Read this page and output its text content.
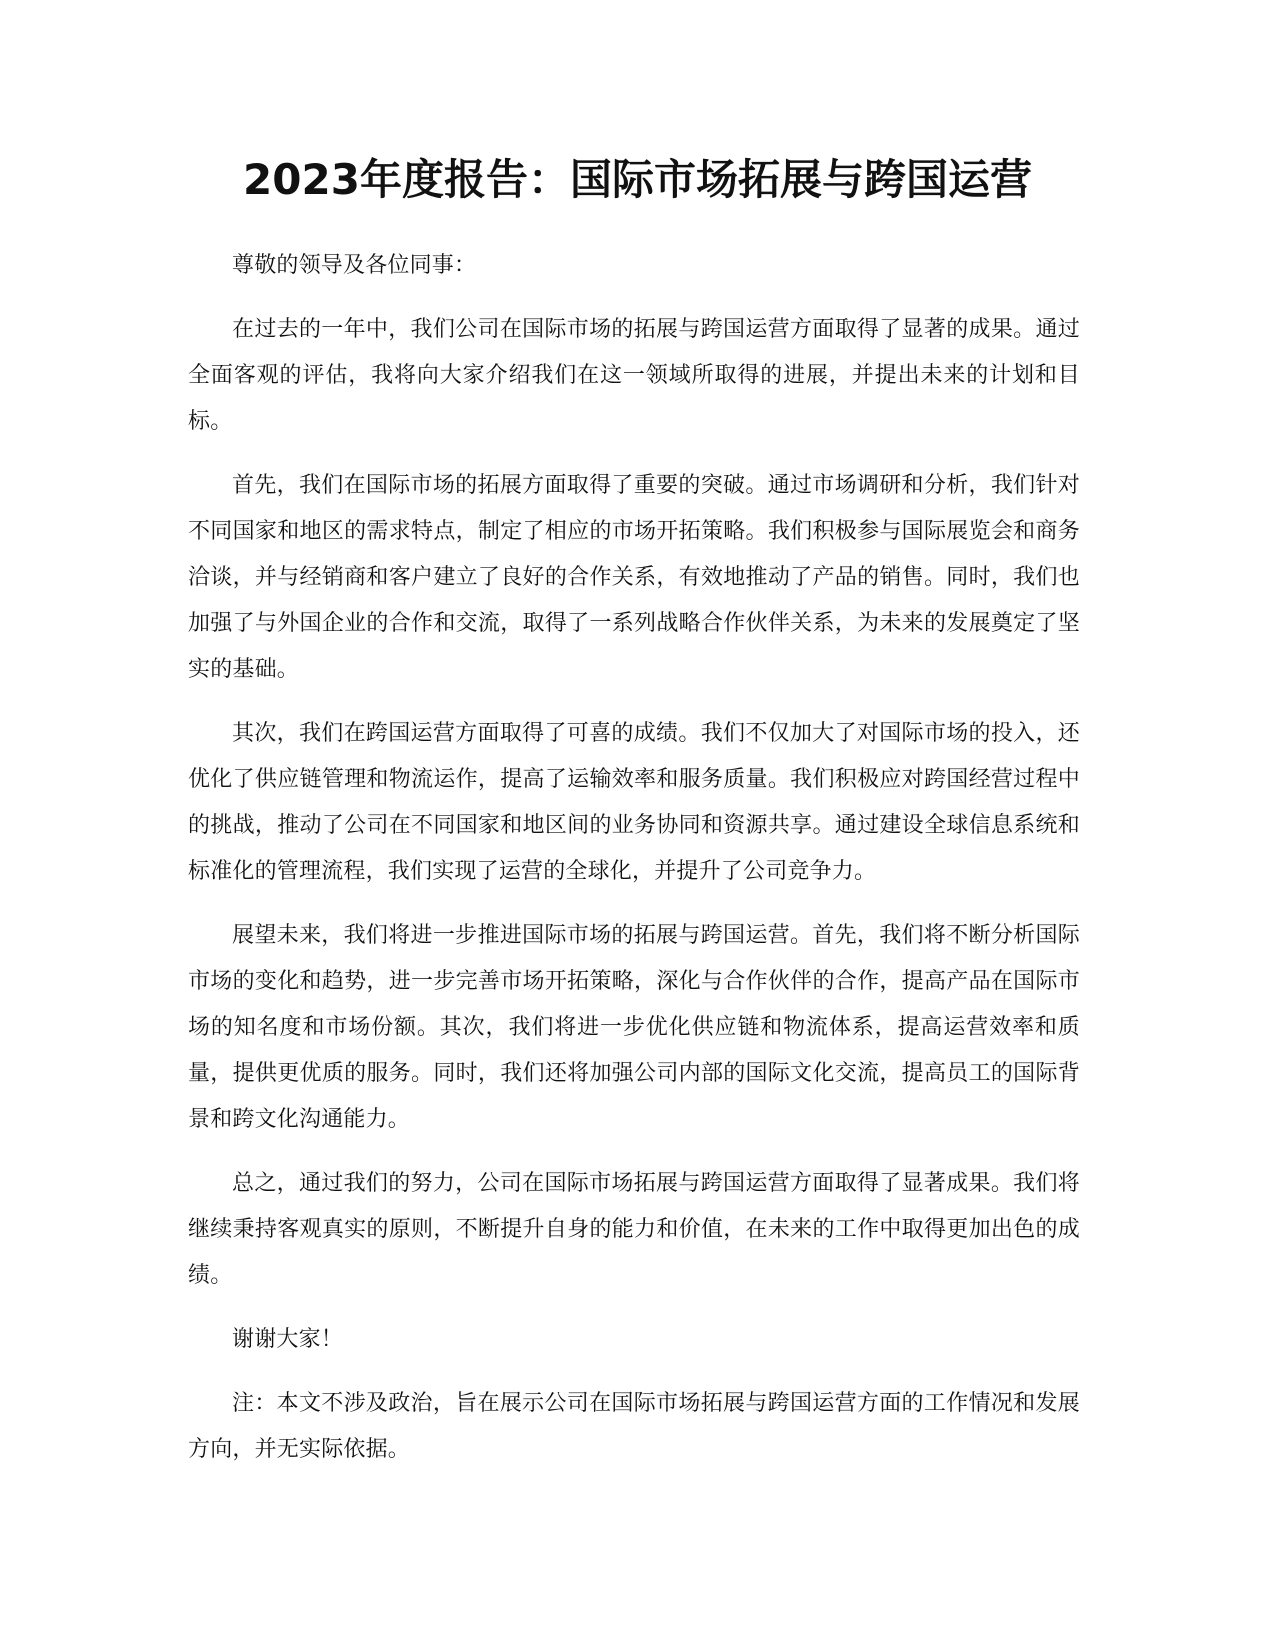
2023年度报告：国际市场拓展与跨国运营

尊敬的领导及各位同事：

在过去的一年中，我们公司在国际市场的拓展与跨国运营方面取得了显著的成果。通过全面客观的评估，我将向大家介绍我们在这一领域所取得的进展，并提出未来的计划和目标。

首先，我们在国际市场的拓展方面取得了重要的突破。通过市场调研和分析，我们针对不同国家和地区的需求特点，制定了相应的市场开拓策略。我们积极参与国际展览会和商务洽谈，并与经销商和客户建立了良好的合作关系，有效地推动了产品的销售。同时，我们也加强了与外国企业的合作和交流，取得了一系列战略合作伙伴关系，为未来的发展奠定了坚实的基础。

其次，我们在跨国运营方面取得了可喜的成绩。我们不仅加大了对国际市场的投入，还优化了供应链管理和物流运作，提高了运输效率和服务质量。我们积极应对跨国经营过程中的挑战，推动了公司在不同国家和地区间的业务协同和资源共享。通过建设全球信息系统和标准化的管理流程，我们实现了运营的全球化，并提升了公司竞争力。

展望未来，我们将进一步推进国际市场的拓展与跨国运营。首先，我们将不断分析国际市场的变化和趋势，进一步完善市场开拓策略，深化与合作伙伴的合作，提高产品在国际市场的知名度和市场份额。其次，我们将进一步优化供应链和物流体系，提高运营效率和质量，提供更优质的服务。同时，我们还将加强公司内部的国际文化交流，提高员工的国际背景和跨文化沟通能力。

总之，通过我们的努力，公司在国际市场拓展与跨国运营方面取得了显著成果。我们将继续秉持客观真实的原则，不断提升自身的能力和价值，在未来的工作中取得更加出色的成绩。

谢谢大家！

注：本文不涉及政治，旨在展示公司在国际市场拓展与跨国运营方面的工作情况和发展方向，并无实际依据。
